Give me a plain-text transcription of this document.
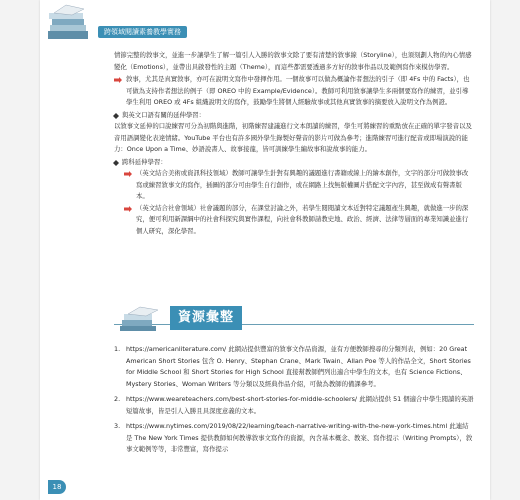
跨領域閱讀素養教學實務

情節完整的敘事文，並進一步讓學生了解一篇引人入勝的敘事文除了要有清楚的敘事線（Storyline），也須刻劃人物的內心情感變化（Emotions），並帶出具啟發性的主題（Theme），而這些都需要透過多方好的敘事作品以及範例寫作來模仿學習。

敘事，尤其是真實敘事，亦可在說明文寫作中發揮作用。一個故事可以做為概論作者想法的引子（即 4Fs 中的 Facts），也可做為支持作者想法的例子（即 OREO 中的 Example/Evidence）。教師可利用敘事讓學生多兩個要寫作的練習，並引導學生利用 OREO 或 4Fs 組織說明文的寫作，鼓勵學生將個人經驗故事或其他真實敘事的摘要放入說明文作為例證。

與英文口語有關的延伸學習：

以敘事文延伸的口說練習可分為初階與進階，初階練習建議進行文本朗讀的練習，學生可將練習的重點放在正確的單字發音以及音用語調變化表達情緒。YouTube 平台也有許多國外學生錄製好聲音的影片可做為參考；進階練習可進行配音或即場演說的能力：Once Upon a Time、妙語說書人、故事接龍，皆可訓練學生編故事和說故事的能力。

跨科延伸學習：

（英文結合美術或資訊科技領域）教師可讓學生針對有興趣的議題進行書籍或線上的繪本創作，文字的部分可做敘事改寫或練習敘事文的寫作，插圖的部分可由學生自行創作，或在網路上找無版權圖片搭配文字內容，甚至做成有聲書版本。

（英文結合社會領域）社會議題的部分，在課堂討論之外，若學生閱閱讀文本近對特定議題產生興趣，就做進一步的深究，便可利用新課綱中的社會科探究與實作課程，向社會科教師請教史地、政治、經濟、法律等層面的專業知識並進行個人研究，深化學習。

資源彙整
1. https://americanliterature.com/ 此網站提供豐富的敘事文作品資源，並有方便教師搜尋的分類列表，例如：20 Great American Short Stories 包含 O. Henry、Stephan Crane、Mark Twain、Allan Poe 等人的作品全文，Short Stories for Middle School 和 Short Stories for High School 直接幫教師們列出適合中學生的文本，也有 Science Fictions、Mystery Stories、Woman Writers 等分類以及經典作品介紹，可做為教師的備課參考。

2. https://www.weareteachers.com/best-short-stories-for-middle-schoolers/ 此網站提供 51 個適合中學生閱讀的英語短篇故事，皆是引人入勝且具深度意義的文本。

3. https://www.nytimes.com/2019/08/22/learning/teach-narrative-writing-with-the-new-york-times.html 此連結是 The New York Times 提供教師如何教導敘事文寫作的資源，內含基本概念、教案、寫作提示（Writing Prompts），敘事文範例等等，非常豐富，寫作提示

18
